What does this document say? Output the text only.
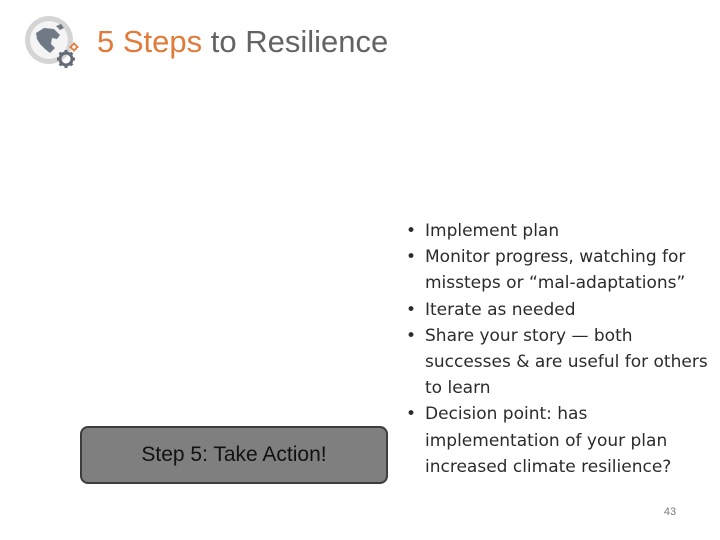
5 Steps to Resilience
Step 5: Take Action!
• Implement plan
• Monitor progress, watching for missteps or “mal-adaptations”
• Iterate as needed
• Share your story — both successes & are useful for others to learn
• Decision point: has implementation of your plan increased climate resilience?
43
